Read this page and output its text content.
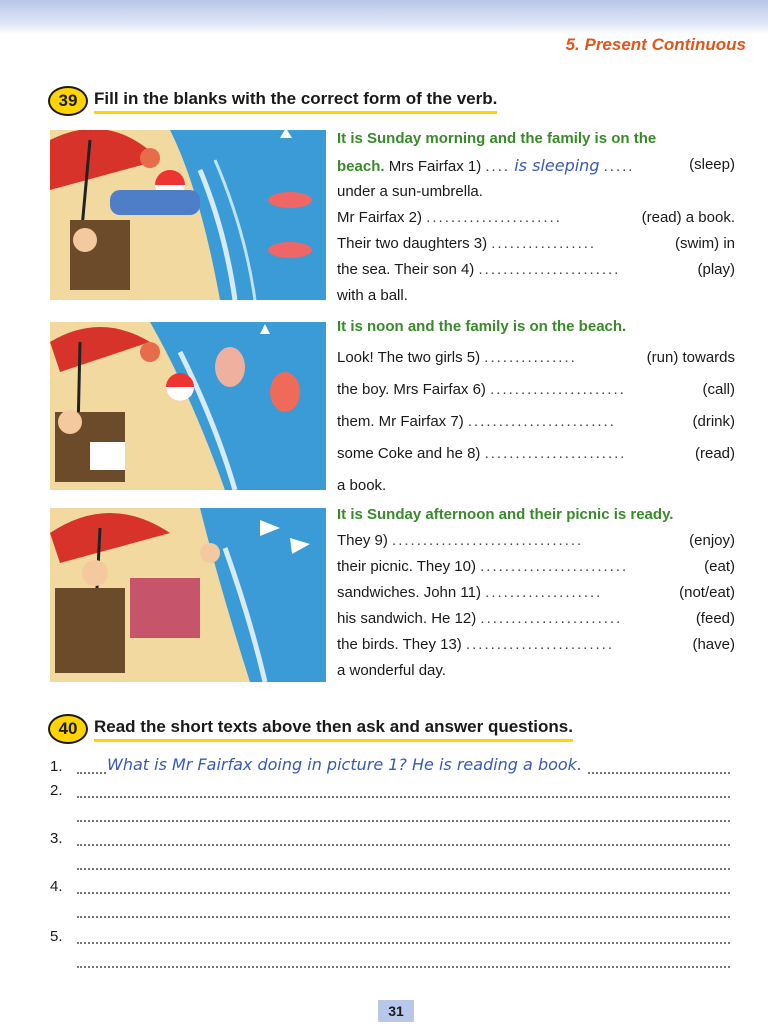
5. Present Continuous
39 Fill in the blanks with the correct form of the verb.
It is Sunday morning and the family is on the
beach. Mrs Fairfax 1) .... is sleeping .....	(sleep)
under a sun-umbrella.
Mr Fairfax 2) ......................	(read) a book.
Their two daughters 3) .................	(swim) in
the sea. Their son 4) .......................	(play)
with a ball.
It is noon and the family is on the beach.
Look! The two girls 5) ...............	(run) towards
the boy. Mrs Fairfax 6) ......................	(call)
them. Mr Fairfax 7) ........................	(drink)
some Coke and he 8) .......................	(read)
a book.
It is Sunday afternoon and their picnic is ready.
They 9) ...............................	(enjoy)
their picnic. They 10) ........................	(eat)
sandwiches. John 11) ...................	(not/eat)
his sandwich. He 12) .......................	(feed)
the birds. They 13) ........................	(have)
a wonderful day.
40 Read the short texts above then ask and answer questions.
1.	What is Mr Fairfax doing in picture 1? He is reading a book.
2.
3.
4.
5.
31
